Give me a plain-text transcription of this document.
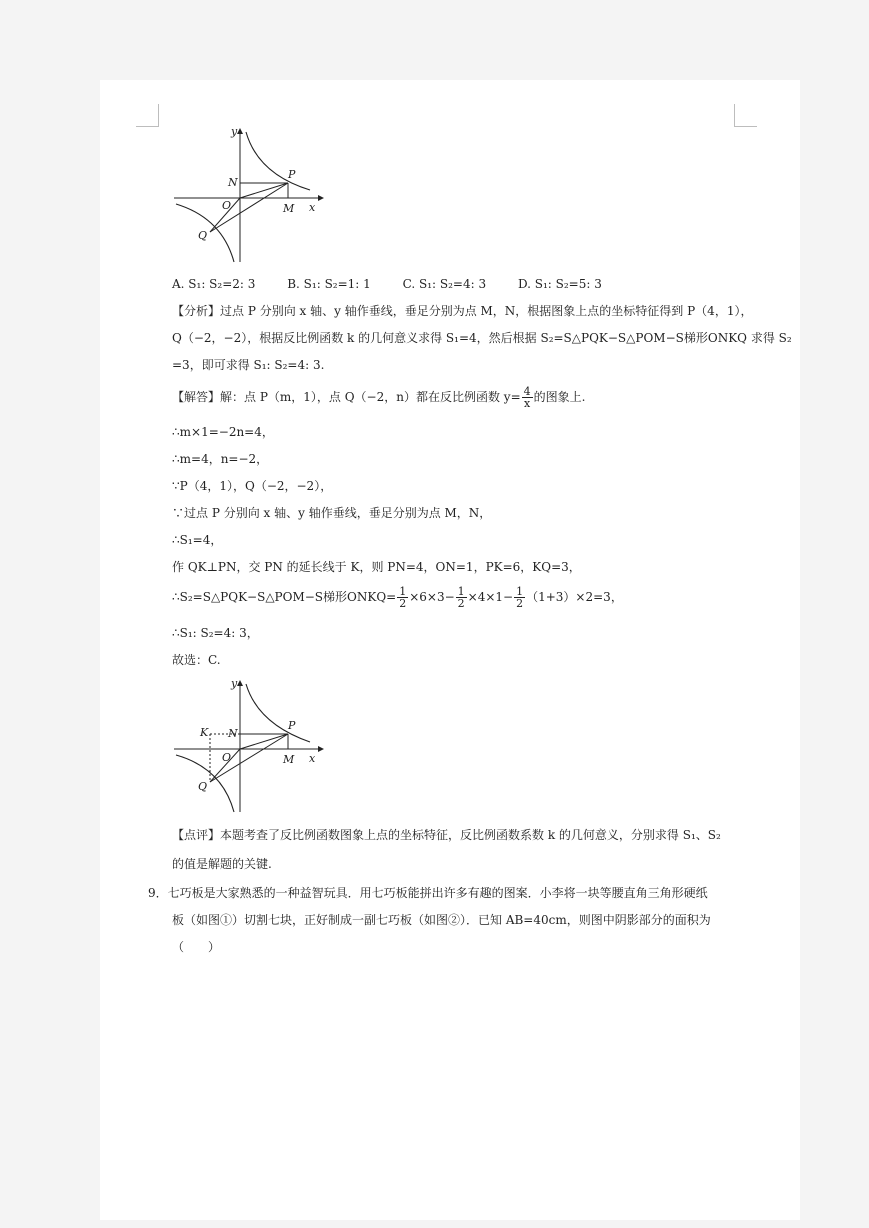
y
x
N
P
O	M
Q
A. S₁: S₂=2: 3	B. S₁: S₂=1: 1	C. S₁: S₂=4: 3	D. S₁: S₂=5: 3
【分析】过点 P 分别向 x 轴、y 轴作垂线，垂足分别为点 M，N，根据图象上点的坐标特征得到 P（4，1），
Q（−2，−2），根据反比例函数 k 的几何意义求得 S₁=4，然后根据 S₂=S△PQK−S△POM−S梯形ONKQ 求得 S₂
=3，即可求得 S₁: S₂=4: 3.
【解答】解：点 P（m，1），点 Q（−2，n）都在反比例函数 $y= \frac{4}{x}$ 的图象上.
∴m×1=−2n=4，
∴m=4，n=−2，
∵P（4，1），Q（−2，−2），
∵过点 P 分别向 x 轴、y 轴作垂线，垂足分别为点 M，N，
∴S₁=4，
作 QK⊥PN，交 PN 的延长线于 K，则 PN=4，ON=1，PK=6，KQ=3，
∴S₂=S△PQK−S△POM−S梯形ONKQ= $\frac{1}{2} \times 6\times 3- \frac{1}{2} \times 4\times 1- \frac{1}{2} (1+3)\times 2=3$，
∴S₁: S₂=4: 3，
故选：C.
y
x
K N
P
O	M
Q
【点评】本题考查了反比例函数图象上点的坐标特征，反比例函数系数 k 的几何意义，分别求得 S₁、S₂
的值是解题的关键.
9．七巧板是大家熟悉的一种益智玩具．用七巧板能拼出许多有趣的图案．小李将一块等腰直角三角形硬纸
板（如图①）切割七块，正好制成一副七巧板（如图②）．已知 AB=40cm，则图中阴影部分的面积为
（　　）
